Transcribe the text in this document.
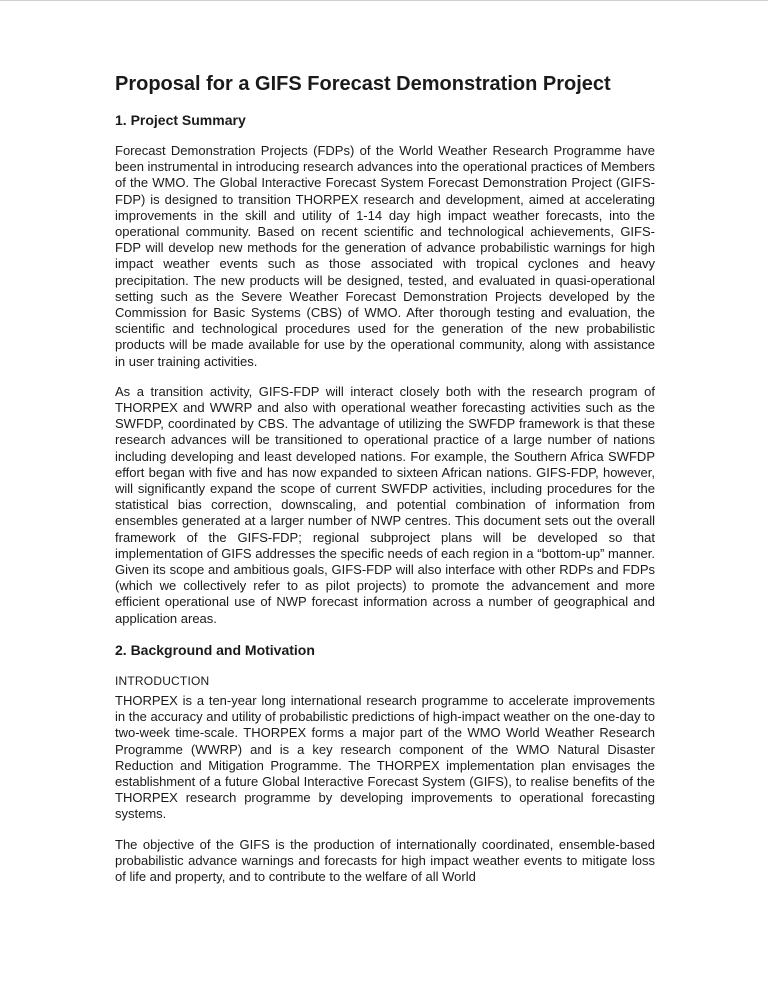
Proposal for a GIFS Forecast Demonstration Project
1. Project Summary

Forecast Demonstration Projects (FDPs) of the World Weather Research Programme have been instrumental in introducing research advances into the operational practices of Members of the WMO. The Global Interactive Forecast System Forecast Demonstration Project (GIFS-FDP) is designed to transition THORPEX research and development, aimed at accelerating improvements in the skill and utility of 1-14 day high impact weather forecasts, into the operational community. Based on recent scientific and technological achievements, GIFS-FDP will develop new methods for the generation of advance probabilistic warnings for high impact weather events such as those associated with tropical cyclones and heavy precipitation. The new products will be designed, tested, and evaluated in quasi-operational setting such as the Severe Weather Forecast Demonstration Projects developed by the Commission for Basic Systems (CBS) of WMO. After thorough testing and evaluation, the scientific and technological procedures used for the generation of the new probabilistic products will be made available for use by the operational community, along with assistance in user training activities.

As a transition activity, GIFS-FDP will interact closely both with the research program of THORPEX and WWRP and also with operational weather forecasting activities such as the SWFDP, coordinated by CBS. The advantage of utilizing the SWFDP framework is that these research advances will be transitioned to operational practice of a large number of nations including developing and least developed nations. For example, the Southern Africa SWFDP effort began with five and has now expanded to sixteen African nations. GIFS-FDP, however, will significantly expand the scope of current SWFDP activities, including procedures for the statistical bias correction, downscaling, and potential combination of information from ensembles generated at a larger number of NWP centres. This document sets out the overall framework of the GIFS-FDP; regional subproject plans will be developed so that implementation of GIFS addresses the specific needs of each region in a “bottom-up” manner. Given its scope and ambitious goals, GIFS-FDP will also interface with other RDPs and FDPs (which we collectively refer to as pilot projects) to promote the advancement and more efficient operational use of NWP forecast information across a number of geographical and application areas.

2. Background and Motivation
INTRODUCTION

THORPEX is a ten-year long international research programme to accelerate improvements in the accuracy and utility of probabilistic predictions of high-impact weather on the one-day to two-week time-scale. THORPEX forms a major part of the WMO World Weather Research Programme (WWRP) and is a key research component of the WMO Natural Disaster Reduction and Mitigation Programme. The THORPEX implementation plan envisages the establishment of a future Global Interactive Forecast System (GIFS), to realise benefits of the THORPEX research programme by developing improvements to operational forecasting systems.

The objective of the GIFS is the production of internationally coordinated, ensemble-based probabilistic advance warnings and forecasts for high impact weather events to mitigate loss of life and property, and to contribute to the welfare of all World
